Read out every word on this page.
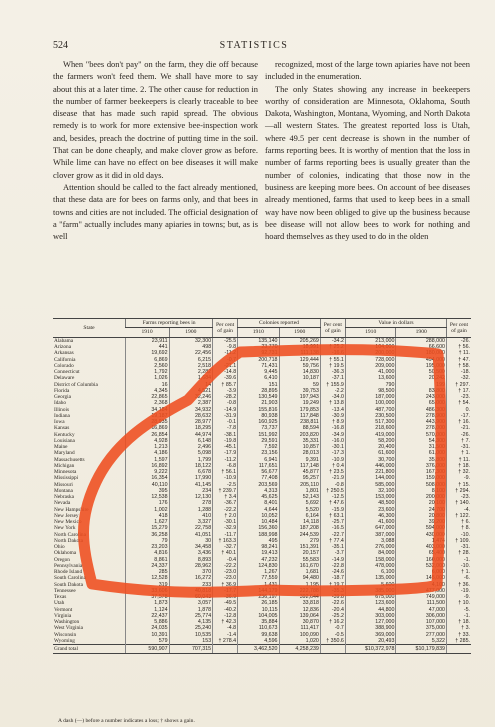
524	STATISTICS

When "bees don't pay" on the farm, they die off because the farmers won't feed them. We shall have more to say about this at a later time. 2. The other cause for reduction in the number of farmer beekeepers is clearly traceable to bee disease that has made such rapid spread. The obvious remedy is to work for more extensive bee-inspection work and, besides, preach the doctrine of putting time in the soil. That can be done cheaply, and make clover grow as before. While lime can have no effect on bee diseases it will make clover grow as it did in old days.

Attention should be called to the fact already mentioned, that these data are for bees on farms only, and that bees in towns and cities are not included. The official designation of a "farm" actually includes many apiaries in towns; but, as is well

recognized, most of the large town apiaries have not been included in the enumeration.

The only States showing any increase in beekeepers worthy of consideration are Minnesota, Oklahoma, South Dakota, Washington, Montana, Wyoming, and North Dakota—all western States. The greatest reported loss is Utah, where 49.5 per cent decrease is shown in the number of farms reporting bees. It is worthy of mention that the loss in number of farms reporting bees is usually greater than the number of colonies, indicating that those now in the business are keeping more bees. On account of bee diseases already mentioned, farms that used to keep bees in a small way have now been obliged to give up the business because bee disease will not allow bees to work for nothing and hoard themselves as they used to do in the olden

State	Farms reporting bees in		Per cent of gain	Colonies reported		Per cent of gain	Value in dollars		Per cent of gain
	1910	1900		1910	1900		1910	1900	
Alabama	23,911	32,300	-25.5	135,140	205,269	-34.2	213,000	288,000	-26.
Arizona	441	498	-9.8	23,770	18,991	† 25.2	104,000	66,600	† 56.
Arkansas	19,692	22,456	-11.2	92,731	111,138	-16.6	200,000	180,000	† 11.
California	6,869	6,215	-0.7	200,718	129,444	† 55.1	728,000	494,000	† 47.
Colorado	2,560	2,518	-21.1	71,431	59,756	† 19.5	209,000	195,000	† 58.
Connecticut	1,792	2,282	-14.8	9,445	14,830	-36.3	41,000	50,500	-18.
Delaware	1,026	1,684	-39.6	6,410	10,187	-37.1	13,600	20,242	-32.
District of Columbia	16	14	† 85.7	151	59	† 155.9	790	199	† 297.
Florida	4,345	4,521	-3.9	28,895	39,753	-2.2	98,500	83,800	† 17.
Georgia	22,865	32,246	-28.2	130,549	197,943	-34.0	187,000	243,000	-23.
Idaho	2,368	2,387	-0.8	21,903	19,249	† 13.8	100,000	65,000	† 54.
Illinois	34,184	34,932	-14.9	155,816	179,853	-13.4	487,700	486,300	0.
Indiana	19,187	28,632	-31.9	80,938	117,848	-30.9	230,500	278,900	-17.
Iowa	28,935	28,977	-0.1	160,925	238,811	† 8.9	517,300	443,900	† 16.
Kansas	16,869	18,295	-7.8	73,737	88,594	-16.8	218,600	278,000	-21.
Kentucky	26,854	44,974	-38.1	151,992	203,820	-34.9	419,000	570,000	-26.
Louisiana	4,928	6,148	-19.8	29,591	35,331	-16.0	58,200	54,300	† 7.
Maine	1,213	2,496	-45.1	7,592	10,857	-30.1	20,400	31,500	-31.
Maryland	4,186	5,098	-17.9	23,156	28,013	-17.3	61,600	61,000	† 1.
Massachusetts	1,597	1,799	-11.2	6,941	9,391	-10.9	30,700	35,800	† 11.
Michigan	16,892	18,122	-6.8	117,651	117,148	† 0.4	446,000	376,000	† 18.
Minnesota	9,222	6,678	† 56.1	56,677	45,877	† 23.5	221,800	167,300	† 32.
Mississippi	16,354	17,990	-10.9	77,408	95,257	-21.9	144,000	159,000	-9.
Missouri	40,110	41,145	-2.5	203,569	205,110	-0.8	585,000	508,000	† 15.
Montana	395	234	† 239.7	4,313	1,801	† 250.5	32,100	8,100	† 294.
Nebraska	12,538	12,130	† 3.4	45,625	52,143	-12.5	153,000	200,000	-23.
Nevada	176	278	-36.7	8,401	5,692	† 47.6	48,500	20,100	† 140.
New Hampshire	1,002	1,288	-22.2	4,644	5,520	-15.9	23,600	24,700	-4.
New Jersey	418	410	† 2.0	10,052	6,164	† 63.1	46,300	20,800	† 122.
New Mexico	1,627	3,327	-30.1	10,484	14,118	-25.7	41,600	39,200	† 6.
New York	15,279	22,758	-32.9	156,360	187,208	-16.5	647,000	594,000	† 8.
North Carolina	36,258	41,051	-11.7	188,998	244,539	-22.7	387,000	430,000	-10.
North Dakota	79	30	† 163.3	495	279	† 77.4	3,088	1,474	† 109.
Ohio	23,203	34,458	-32.7	98,241	151,391	-35.1	276,000	403,000	-31.
Oklahoma	4,816	3,436	† 40.1	19,413	20,157	-3.7	84,000	65,400	† 28.
Oregon	8,861	8,893	-0.4	47,232	55,583	-14.9	158,000	160,000	-1.
Pennsylvania	24,337	28,962	-22.2	124,830	161,670	-22.8	478,000	532,000	-10.
Rhode Island	285	370	-23.0	1,267	1,681	-24.6	6,100	6,000	† 1.
South Carolina	12,528	16,272	-23.0	77,559	94,480	-18.7	135,000	145,000	-6.
South Dakota	319	233	† 36.9	1,431	1,195	† 19.7	5,600	4,100	† 36.
Tennessee	33,606	40,818	-17.7	144,179	222,788	-35.3	385,000	477,000	-19.
Texas	37,578	60,043	-36.9	236,197	392,644	-39.8	675,000	749,000	-9.
Utah	1,873	3,057	-49.5	26,185	33,818	-22.6	123,600	111,500	† 10.
Vermont	1,124	1,878	-40.2	10,115	12,836	-20.4	44,800	47,000	-5.
Virginia	22,437	25,774	-12.8	104,005	139,064	-25.2	303,000	306,000	-1.
Washington	5,886	4,135	† 42.3	35,884	30,870	† 16.2	127,000	107,000	† 18.
West Virginia	24,035	25,240	-4.8	110,673	111,417	-0.7	388,900	375,000	† 3.
Wisconsin	10,391	10,535	-1.4	99,638	100,090	-0.5	369,000	277,000	† 33.
Wyoming	579	153	† 278.4	4,596	1,020	† 350.6	20,493	5,322	† 285.
Grand total	590,907	707,315		3,462,520	4,258,239		$10,372,978	$10,179,839	
A dash (—) before a number indicates a loss; † shows a gain.
